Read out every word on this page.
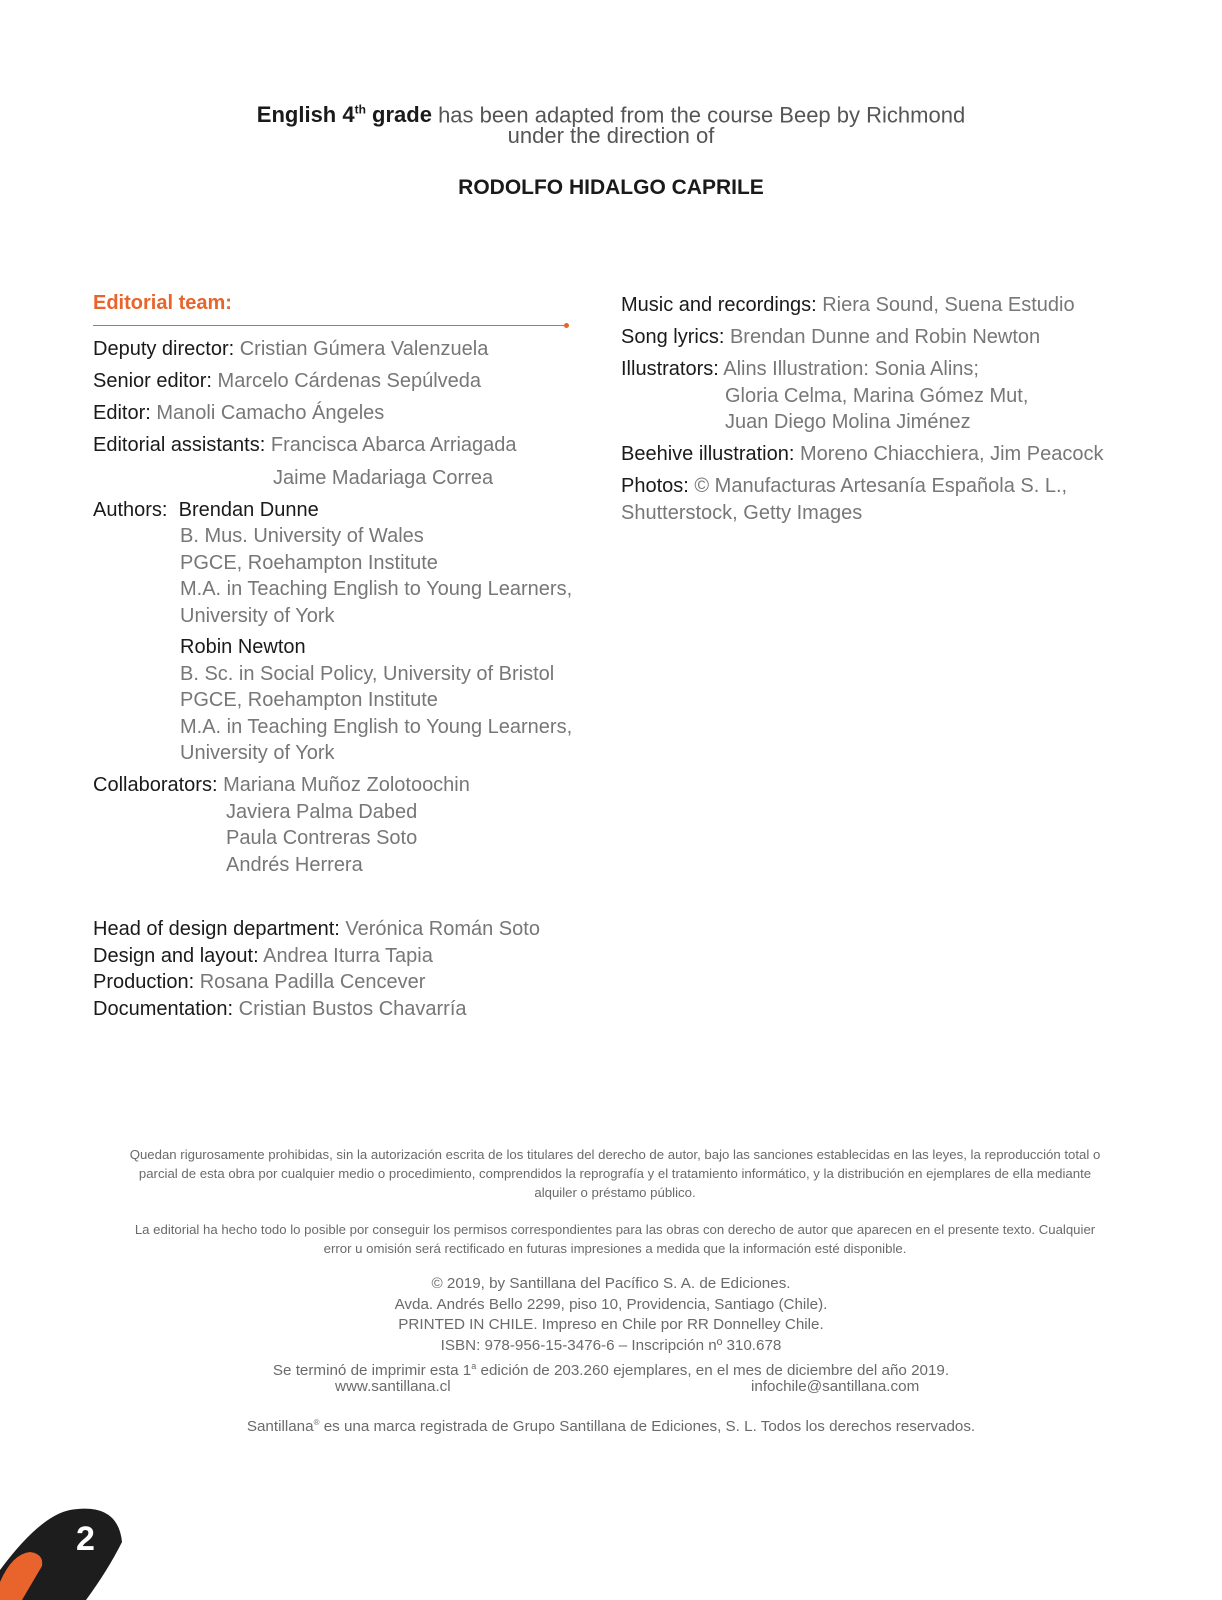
English 4th grade has been adapted from the course Beep by Richmond
under the direction of
RODOLFO HIDALGO CAPRILE
Editorial team:
Deputy director: Cristian Gúmera Valenzuela
Senior editor: Marcelo Cárdenas Sepúlveda
Editor: Manoli Camacho Ángeles
Editorial assistants: Francisca Abarca Arriagada
Jaime Madariaga Correa
Authors: Brendan Dunne
B. Mus. University of Wales
PGCE, Roehampton Institute
M.A. in Teaching English to Young Learners,
University of York
Robin Newton
B. Sc. in Social Policy, University of Bristol
PGCE, Roehampton Institute
M.A. in Teaching English to Young Learners,
University of York
Collaborators: Mariana Muñoz Zolotoochin
Javiera Palma Dabed
Paula Contreras Soto
Andrés Herrera
Head of design department: Verónica Román Soto
Design and layout: Andrea Iturra Tapia
Production: Rosana Padilla Cencever
Documentation: Cristian Bustos Chavarría
Music and recordings: Riera Sound, Suena Estudio
Song lyrics: Brendan Dunne and Robin Newton
Illustrators: Alins Illustration: Sonia Alins;
Gloria Celma, Marina Gómez Mut,
Juan Diego Molina Jiménez
Beehive illustration: Moreno Chiacchiera, Jim Peacock
Photos: © Manufacturas Artesanía Española S. L.,
Shutterstock, Getty Images
Quedan rigurosamente prohibidas, sin la autorización escrita de los titulares del derecho de autor, bajo las sanciones establecidas en las leyes, la reproducción total o parcial de esta obra por cualquier medio o procedimiento, comprendidos la reprografía y el tratamiento informático, y la distribución en ejemplares de ella mediante alquiler o préstamo público.
La editorial ha hecho todo lo posible por conseguir los permisos correspondientes para las obras con derecho de autor que aparecen en el presente texto. Cualquier error u omisión será rectificado en futuras impresiones a medida que la información esté disponible.
© 2019, by Santillana del Pacífico S. A. de Ediciones.
Avda. Andrés Bello 2299, piso 10, Providencia, Santiago (Chile).
PRINTED IN CHILE. Impreso en Chile por RR Donnelley Chile.
ISBN: 978-956-15-3476-6 – Inscripción nº 310.678
Se terminó de imprimir esta 1$^a$ edición de 203.260 ejemplares, en el mes de diciembre del año 2019.
www.santillana.cl	infochile@santillana.com
Santillana® es una marca registrada de Grupo Santillana de Ediciones, S. L. Todos los derechos reservados.
2
